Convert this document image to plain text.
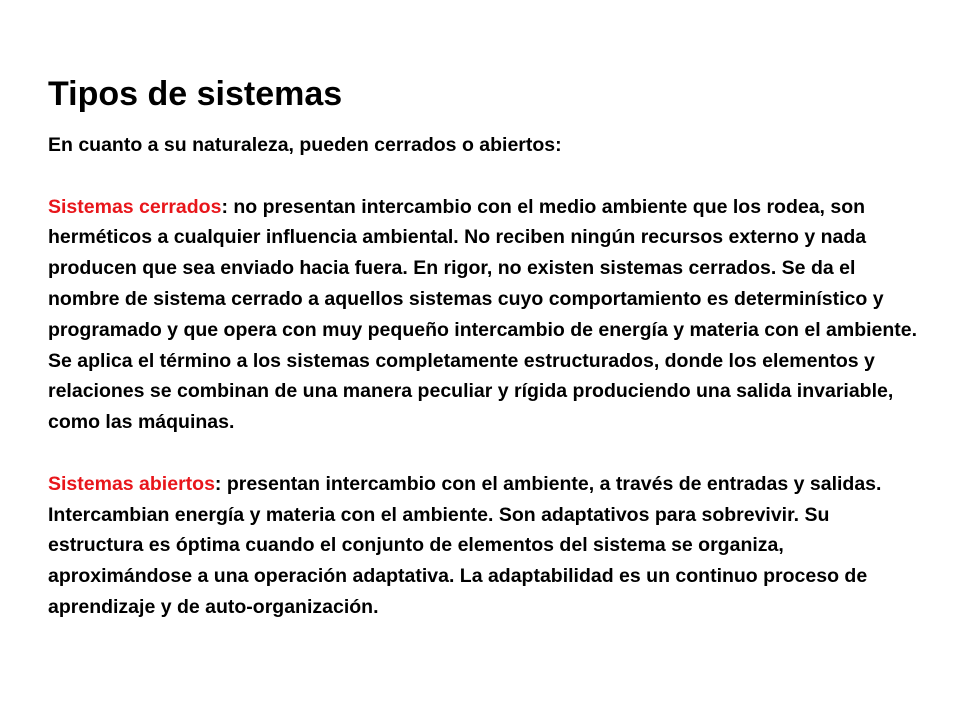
Tipos de sistemas

En cuanto a su naturaleza, pueden cerrados o abiertos:

Sistemas cerrados: no presentan intercambio con el medio ambiente que los rodea, son herméticos a cualquier influencia ambiental. No reciben ningún recursos externo y nada producen que sea enviado hacia fuera. En rigor, no existen sistemas cerrados. Se da el nombre de sistema cerrado a aquellos sistemas cuyo comportamiento es determinístico y programado y que opera con muy pequeño intercambio de energía y materia con el ambiente. Se aplica el término a los sistemas completamente estructurados, donde los elementos y relaciones se combinan de una manera peculiar y rígida produciendo una salida invariable, como las máquinas.

Sistemas abiertos: presentan intercambio con el ambiente, a través de entradas y salidas. Intercambian energía y materia con el ambiente. Son adaptativos para sobrevivir. Su estructura es óptima cuando el conjunto de elementos del sistema se organiza, aproximándose a una operación adaptativa. La adaptabilidad es un continuo proceso de aprendizaje y de auto-organización.
